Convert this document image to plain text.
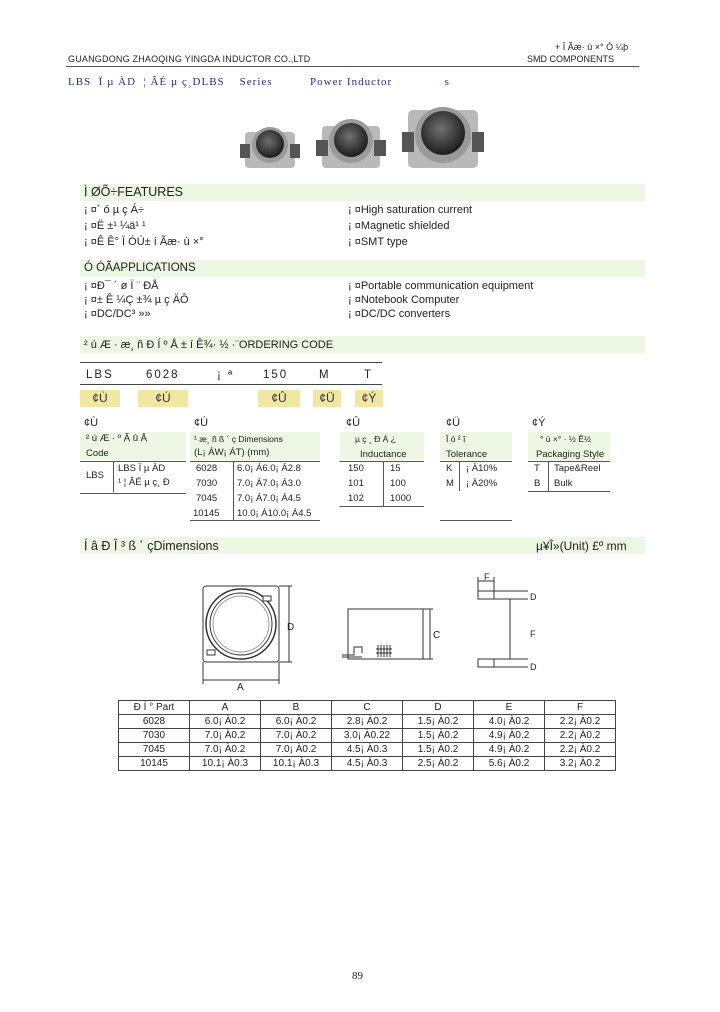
+ Î Ãæ· ù ×° Ó ¼þ
GUANGDONG ZHAOQING YINGDA INDUCTOR CO.,LTD	SMD COMPONENTS
LBS  Ï µ ÀD  ¦ ÂÉ µ ç¸DLBS    Series          Power Inductor              s
Ì ØÕ÷FEATURES
¡ ¤´ ó µ ç Á÷
¡ ¤Ë ±¹ ¼ä¹ ¹
¡ ¤Ê Ê° Ï ÓÚ± í Ãæ· ù ×°
¡ ¤High saturation current
¡ ¤Magnetic shielded
¡ ¤SMT type
Ó ÓÃAPPLICATIONS
¡ ¤Ð¯ ´ ø Ï ¨ ÐÅ
¡ ¤± Ê ¼Ç ±¾ µ ç ÄÔ
¡ ¤DC/DC³ »»
¡ ¤Portable communication equipment
¡ ¤Notebook Computer
¡ ¤DC/DC converters
² ú Æ · æ¸ ñ Ð Í º Å ± í Ê¾· ½ ·¨ORDERING CODE
LBS	6028	¡ ª 150	M	T
¢Ù	¢Ú	¢Û	¢Ü	¢Ý
¢Ù
² ú Æ · º Ã û Å
Code
LBS
LBS Ï µ ÀD
¹ ¦ ÂÉ µ ç¸ Ð
¢Ú
¹ æ¸ ñ ß ´ ç Dimensions
(L¡ ÁW¡ ÁT) (mm)
6028 6.0¡ Á6.0¡ Á2.8
7030 7.0¡ Á7.0¡ Á3.0
7045 7.0¡ Á7.0¡ Á4.5
10145 10.0¡ Á10.0¡ Á4.5
¢Û
µ ç ¸ Ð Á ¿
Inductance
150	15
101	100
102	1000
¢Ü
Î ó ² î
Tolerance
K ¡ À10%
M ¡ À20%
¢Ý
° ü ×° · ½ Ê½
Packaging Style
T Tape&Reel
B Bulk
Í â Ð Î ³ ß ´ çDimensions	µ¥Î»(Unit) £º mm
D
A
C
F
D
F
D
Ð Í ° Part	A	B	C	D	E	F
6028	6.0¡ À0.2	6.0¡ À0.2	2.8¡ À0.2	1.5¡ À0.2	4.0¡ À0.2	2.2¡ À0.2
7030	7.0¡ À0.2	7.0¡ À0.2	3.0¡ À0.22	1.5¡ À0.2	4.9¡ À0.2	2.2¡ À0.2
7045	7.0¡ À0.2	7.0¡ À0.2	4.5¡ À0.3	1.5¡ À0.2	4.9¡ À0.2	2.2¡ À0.2
10145	10.1¡ À0.3	10.1¡ À0.3	4.5¡ À0.3	2.5¡ À0.2	5.6¡ À0.2	3.2¡ À0.2
89
